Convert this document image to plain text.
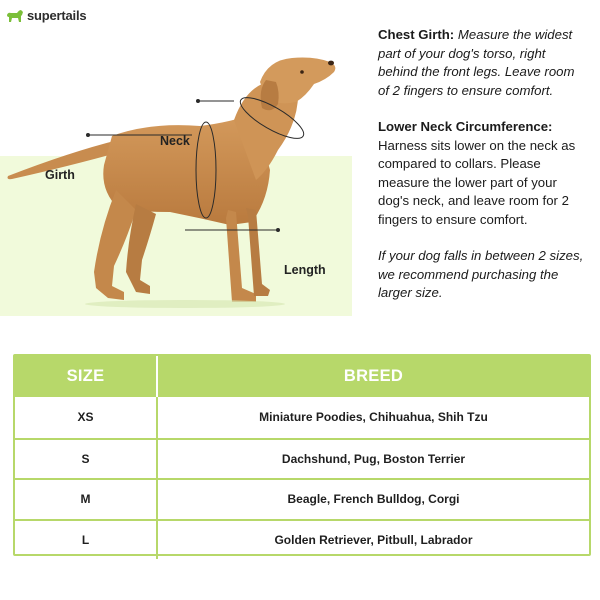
supertails
Neck
Girth
Length

Chest Girth: Measure the widest part of your dog's torso, right behind the front legs. Leave room of 2 fingers to ensure comfort.

Lower Neck Circumference: Harness sits lower on the neck as compared to collars. Please measure the lower part of your dog's neck, and leave room for 2 fingers to ensure comfort.

If your dog falls in between 2 sizes, we recommend purchasing the larger size.

SIZE	BREED
XS	Miniature Poodies, Chihuahua, Shih Tzu
S	Dachshund, Pug, Boston Terrier
M	Beagle, French Bulldog, Corgi
L	Golden Retriever, Pitbull, Labrador
